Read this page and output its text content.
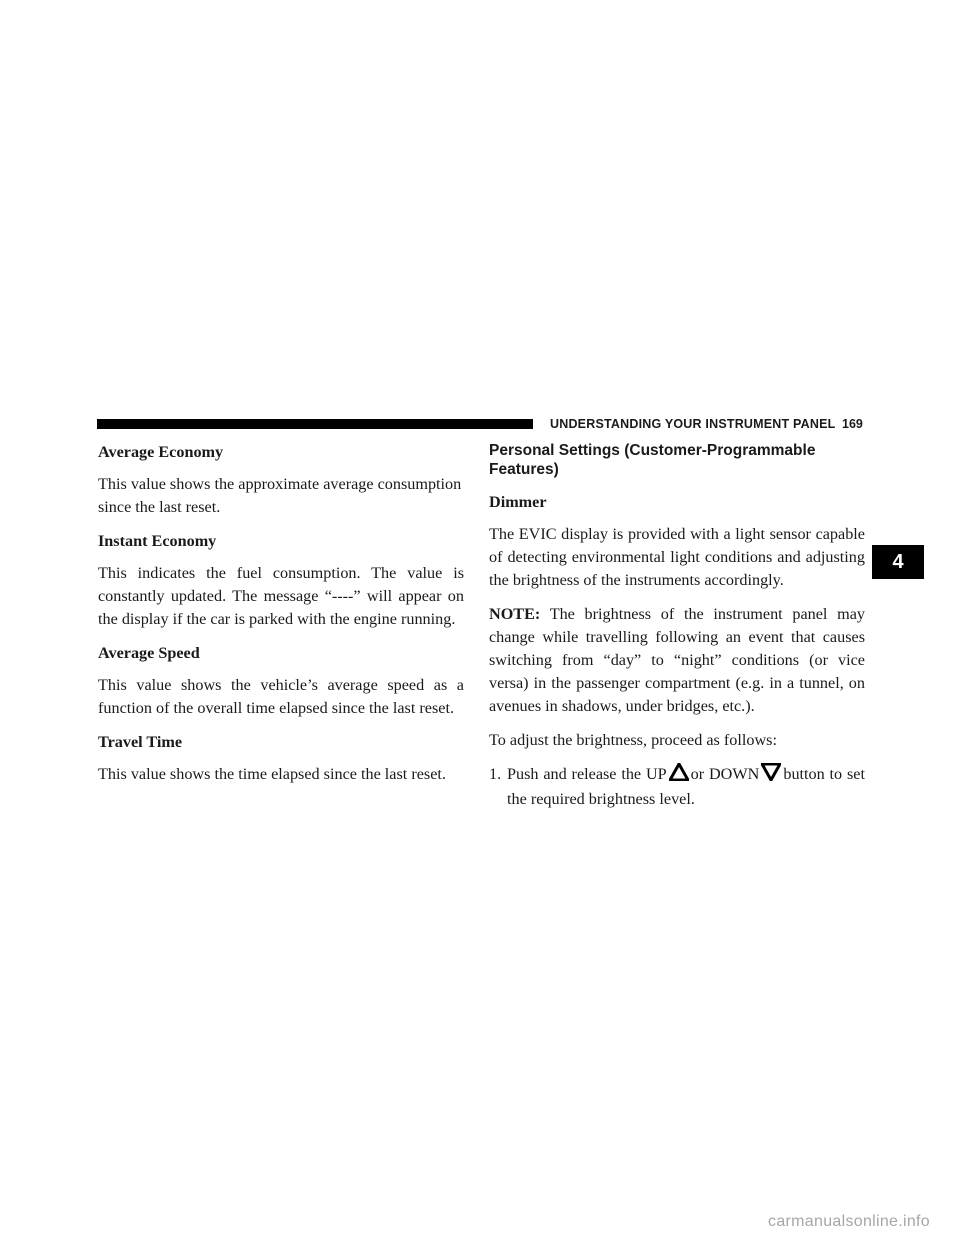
UNDERSTANDING YOUR INSTRUMENT PANEL 169
4

Average Economy

This value shows the approximate average consumption since the last reset.

Instant Economy

This indicates the fuel consumption. The value is constantly updated. The message “----” will appear on the display if the car is parked with the engine running.

Average Speed

This value shows the vehicle’s average speed as a function of the overall time elapsed since the last reset.

Travel Time

This value shows the time elapsed since the last reset.

Personal Settings (Customer-Programmable Features)

Dimmer

The EVIC display is provided with a light sensor capable of detecting environmental light conditions and adjusting the brightness of the instruments accordingly.

NOTE: The brightness of the instrument panel may change while travelling following an event that causes switching from “day” to “night” conditions (or vice versa) in the passenger compartment (e.g. in a tunnel, on avenues in shadows, under bridges, etc.).

To adjust the brightness, proceed as follows:

1. Push and release the UP or DOWN button to set the required brightness level.

carmanualsonline.info
